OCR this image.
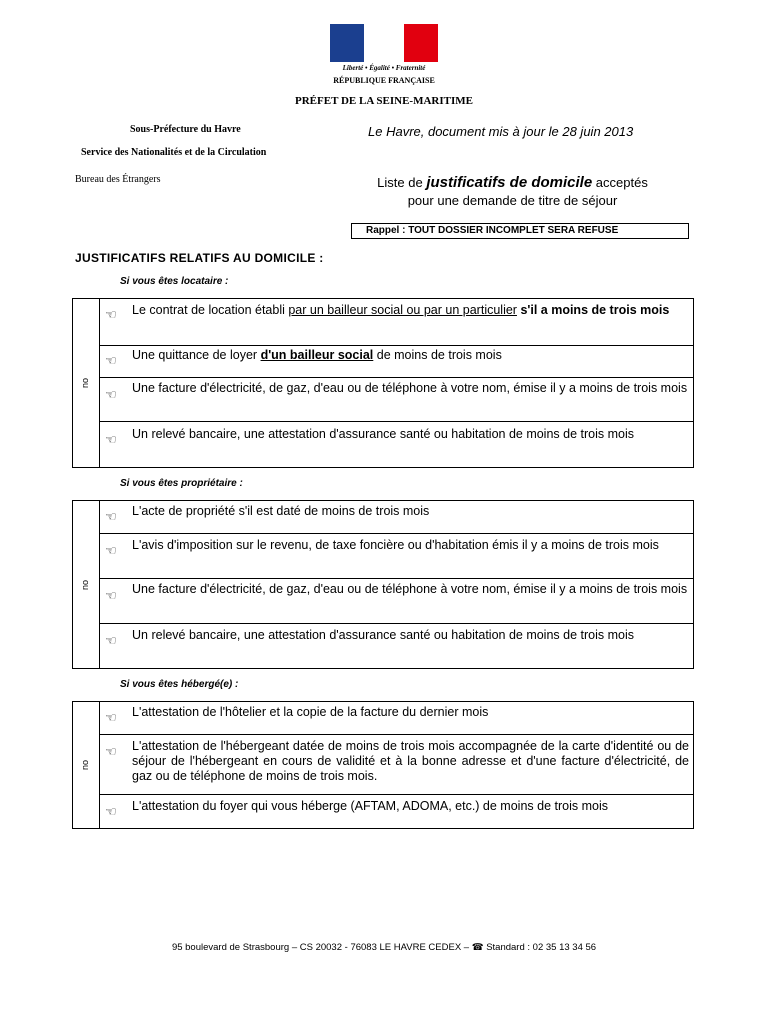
Liberté • Égalité • Fraternité
RÉPUBLIQUE FRANÇAISE
PRÉFET DE LA SEINE-MARITIME
Sous-Préfecture du Havre
Service des Nationalités et de la Circulation
Bureau des Étrangers
Le Havre, document mis à jour le 28 juin 2013
Liste de justificatifs de domicile acceptés
pour une demande de titre de séjour
Rappel : TOUT DOSSIER INCOMPLET SERA REFUSE
JUSTIFICATIFS RELATIFS AU DOMICILE :
Si vous êtes locataire :
ou
☜ Le contrat de location établi par un bailleur social ou par un particulier s'il a moins de trois mois
☜ Une quittance de loyer d'un bailleur social de moins de trois mois
☜ Une facture d'électricité, de gaz, d'eau ou de téléphone à votre nom, émise il y a moins de trois mois
☜ Un relevé bancaire, une attestation d'assurance santé ou habitation de moins de trois mois
Si vous êtes propriétaire :
ou
☜ L'acte de propriété s'il est daté de moins de trois mois
☜ L'avis d'imposition sur le revenu, de taxe foncière ou d'habitation émis il y a moins de trois mois
☜ Une facture d'électricité, de gaz, d'eau ou de téléphone à votre nom, émise il y a moins de trois mois
☜ Un relevé bancaire, une attestation d'assurance santé ou habitation de moins de trois mois
Si vous êtes hébergé(e) :
ou
☜ L'attestation de l'hôtelier et la copie de la facture du dernier mois
☜ L'attestation de l'hébergeant datée de moins de trois mois accompagnée de la carte d'identité ou de séjour de l'hébergeant en cours de validité et à la bonne adresse et d'une facture d'électricité, de gaz ou de téléphone de moins de trois mois.
☜ L'attestation du foyer qui vous héberge (AFTAM, ADOMA, etc.) de moins de trois mois
95 boulevard de Strasbourg – CS 20032 - 76083 LE HAVRE CEDEX – ☎ Standard : 02 35 13 34 56
